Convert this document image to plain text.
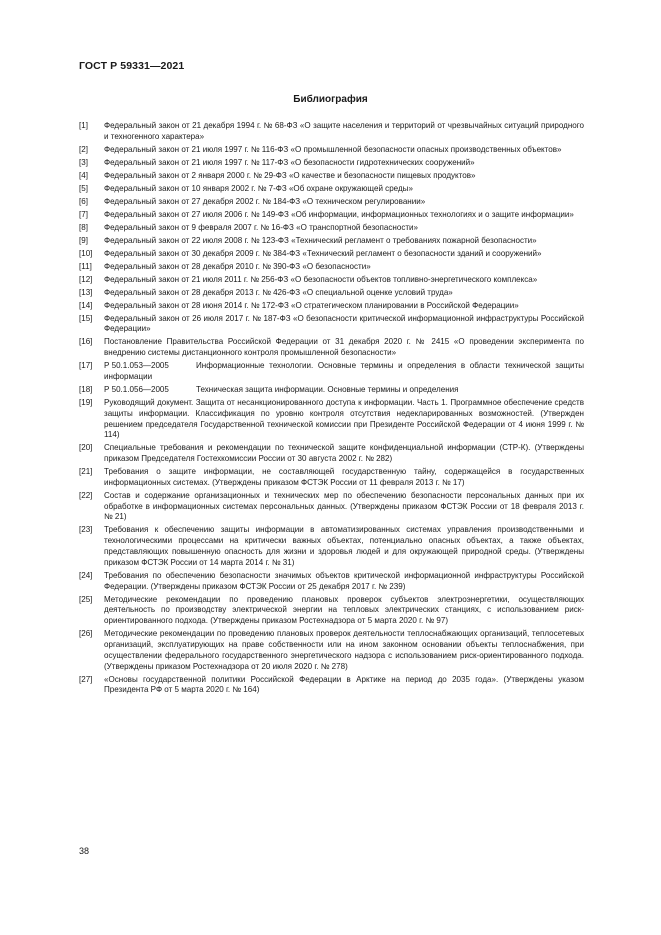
ГОСТ Р 59331—2021
Библиография
[1]	Федеральный закон от 21 декабря 1994 г. № 68-ФЗ «О защите населения и территорий от чрезвычайных ситуаций природного и техногенного характера»
[2]	Федеральный закон от 21 июля 1997 г. № 116-ФЗ «О промышленной безопасности опасных производственных объектов»
[3]	Федеральный закон от 21 июля 1997 г. № 117-ФЗ «О безопасности гидротехнических сооружений»
[4]	Федеральный закон от 2 января 2000 г. № 29-ФЗ «О качестве и безопасности пищевых продуктов»
[5]	Федеральный закон от 10 января 2002 г. № 7-ФЗ «Об охране окружающей среды»
[6]	Федеральный закон от 27 декабря 2002 г. № 184-ФЗ «О техническом регулировании»
[7]	Федеральный закон от 27 июля 2006 г. № 149-ФЗ «Об информации, информационных технологиях и о защите информации»
[8]	Федеральный закон от 9 февраля 2007 г. № 16-ФЗ «О транспортной безопасности»
[9]	Федеральный закон от 22 июля 2008 г. № 123-ФЗ «Технический регламент о требованиях пожарной безопасности»
[10]	Федеральный закон от 30 декабря 2009 г. № 384-ФЗ «Технический регламент о безопасности зданий и сооружений»
[11]	Федеральный закон от 28 декабря 2010 г. № 390-ФЗ «О безопасности»
[12]	Федеральный закон от 21 июля 2011 г. № 256-ФЗ «О безопасности объектов топливно-энергетического комплекса»
[13]	Федеральный закон от 28 декабря 2013 г. № 426-ФЗ «О специальной оценке условий труда»
[14]	Федеральный закон от 28 июня 2014 г. № 172-ФЗ «О стратегическом планировании в Российской Федерации»
[15]	Федеральный закон от 26 июля 2017 г. № 187-ФЗ «О безопасности критической информационной инфраструктуры Российской Федерации»
[16]	Постановление Правительства Российской Федерации от 31 декабря 2020 г. № 2415 «О проведении эксперимента по внедрению системы дистанционного контроля промышленной безопасности»
[17]	Р 50.1.053—2005	Информационные технологии. Основные термины и определения в области технической защиты информации
[18]	Р 50.1.056—2005	Техническая защита информации. Основные термины и определения
[19]	Руководящий документ. Защита от несанкционированного доступа к информации. Часть 1. Программное обеспечение средств защиты информации. Классификация по уровню контроля отсутствия недекларированных возможностей. (Утвержден решением председателя Государственной технической комиссии при Президенте Российской Федерации от 4 июня 1999 г. № 114)
[20]	Специальные требования и рекомендации по технической защите конфиденциальной информации (СТР-К). (Утверждены приказом Председателя Гостехкомиссии России от 30 августа 2002 г. № 282)
[21]	Требования о защите информации, не составляющей государственную тайну, содержащейся в государственных информационных системах. (Утверждены приказом ФСТЭК России от 11 февраля 2013 г. № 17)
[22]	Состав и содержание организационных и технических мер по обеспечению безопасности персональных данных при их обработке в информационных системах персональных данных. (Утверждены приказом ФСТЭК России от 18 февраля 2013 г. № 21)
[23]	Требования к обеспечению защиты информации в автоматизированных системах управления производственными и технологическими процессами на критически важных объектах, потенциально опасных объектах, а также объектах, представляющих повышенную опасность для жизни и здоровья людей и для окружающей природной среды. (Утверждены приказом ФСТЭК России от 14 марта 2014 г. № 31)
[24]	Требования по обеспечению безопасности значимых объектов критической информационной инфраструктуры Российской Федерации. (Утверждены приказом ФСТЭК России от 25 декабря 2017 г. № 239)
[25]	Методические рекомендации по проведению плановых проверок субъектов электроэнергетики, осуществляющих деятельность по производству электрической энергии на тепловых электрических станциях, с использованием риск-ориентированного подхода. (Утверждены приказом Ростехнадзора от 5 марта 2020 г. № 97)
[26]	Методические рекомендации по проведению плановых проверок деятельности теплоснабжающих организаций, теплосетевых организаций, эксплуатирующих на праве собственности или на ином законном основании объекты теплоснабжения, при осуществлении федерального государственного энергетического надзора с использованием риск-ориентированного подхода. (Утверждены приказом Ростехнадзора от 20 июля 2020 г. № 278)
[27]	«Основы государственной политики Российской Федерации в Арктике на период до 2035 года». (Утверждены указом Президента РФ от 5 марта 2020 г. № 164)
38
